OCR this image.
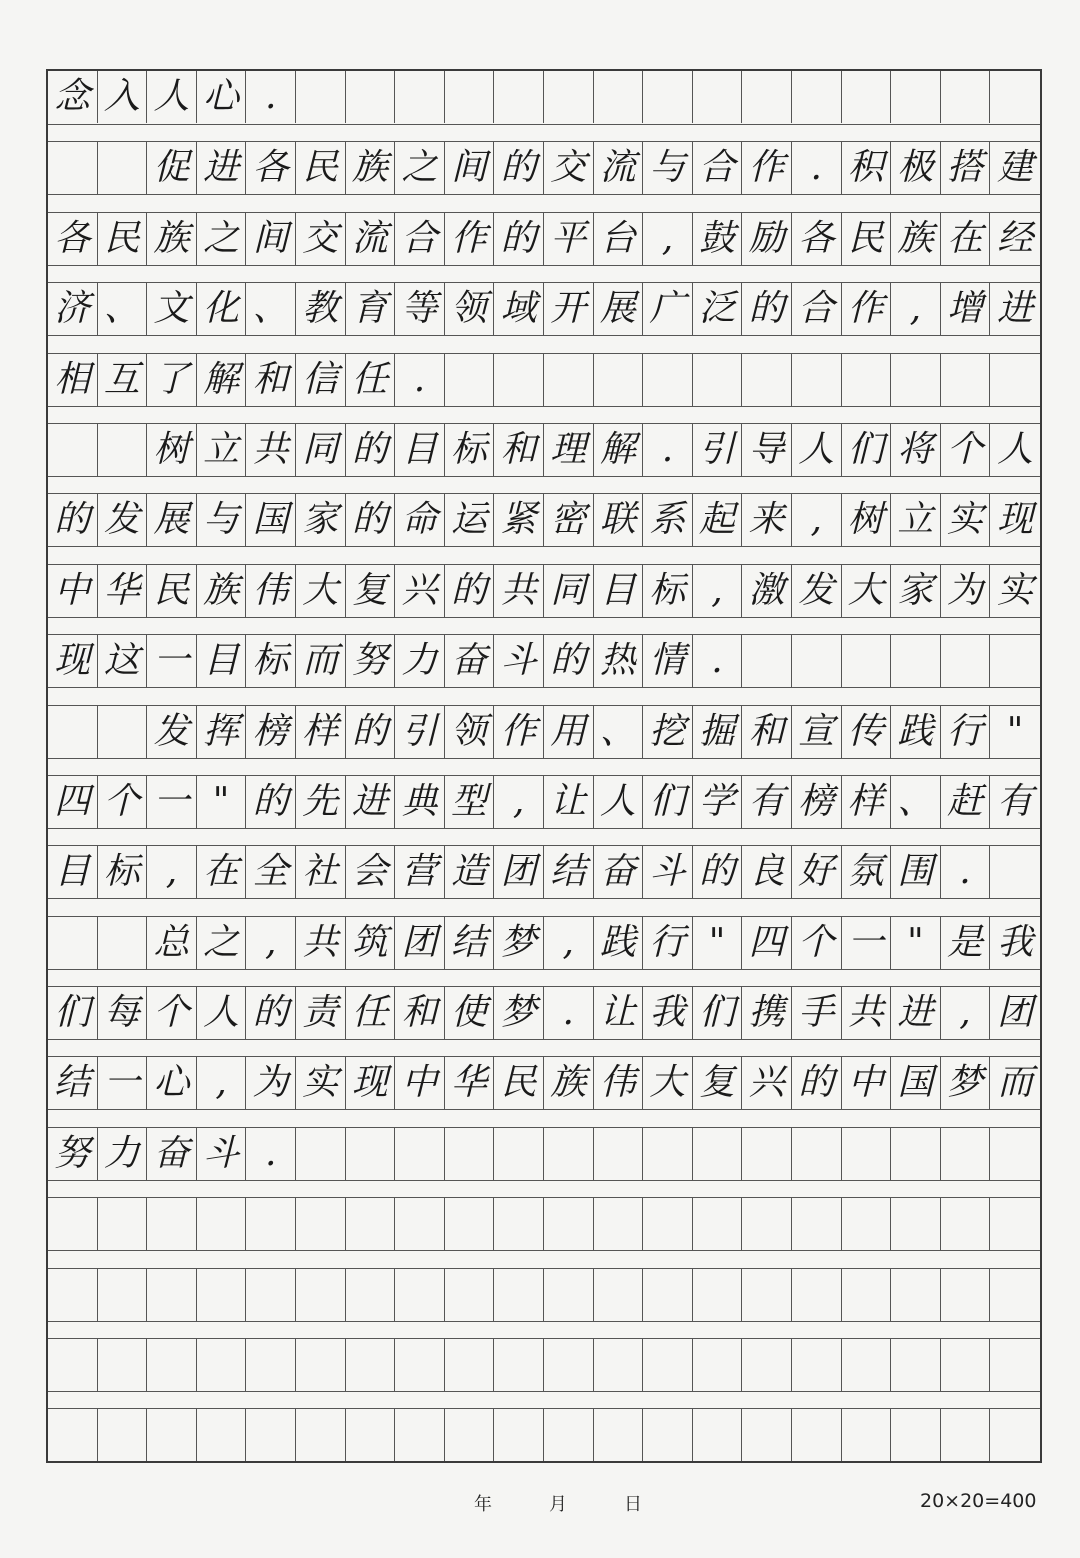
念 入 人 心 .
促 进 各 民 族 之 间 的 交 流 与 合 作 . 积 极 搭 建
各 民 族 之 间 交 流 合 作 的 平 台 , 鼓 励 各 民 族 在 经
济 、 文 化 、 教 育 等 领 域 开 展 广 泛 的 合 作 , 增 进
相 互 了 解 和 信 任 .
树 立 共 同 的 目 标 和 理 解 . 引 导 人 们 将 个 人
的 发 展 与 国 家 的 命 运 紧 密 联 系 起 来 , 树 立 实 现
中 华 民 族 伟 大 复 兴 的 共 同 目 标 , 激 发 大 家 为 实
现 这 一 目 标 而 努 力 奋 斗 的 热 情 .
发 挥 榜 样 的 引 领 作 用 、 挖 掘 和 宣 传 践 行 "
四 个 一 " 的 先 进 典 型 , 让 人 们 学 有 榜 样 、 赶 有
目 标 , 在 全 社 会 营 造 团 结 奋 斗 的 良 好 氛 围 .
总 之 , 共 筑 团 结 梦 , 践 行 " 四 个 一 " 是 我
们 每 个 人 的 责 任 和 使 梦 . 让 我 们 携 手 共 进 , 团
结 一 心 , 为 实 现 中 华 民 族 伟 大 复 兴 的 中 国 梦 而
努 力 奋 斗 .
年	月	日	20×20=400
